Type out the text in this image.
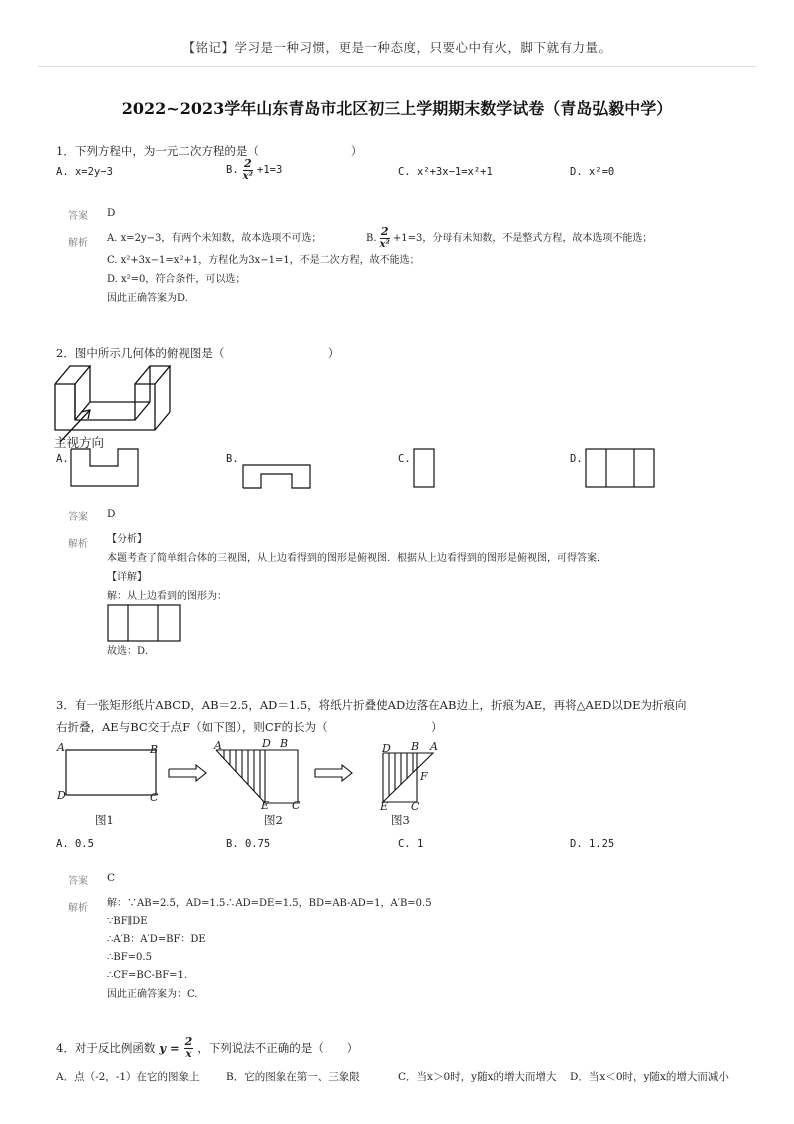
【铭记】学习是一种习惯，更是一种态度，只要心中有火，脚下就有力量。
2022~2023学年山东青岛市北区初三上学期期末数学试卷（青岛弘毅中学）
1．下列方程中，为一元二次方程的是（　　　　　　　　）
A. x=2y−3	B. $\frac{2}{\text{x²}} +1=3$	C. x²+3x−1=x²+1	D. x²=0
答案 D
解析 A. x=2y−3，有两个未知数，故本选项不可选；	B. $\frac{2}{\text{x²}} +1=3$，分母有未知数，不是整式方程，故本选项不能选；
C. x²+3x−1=x²+1，方程化为3x−1=1，不是二次方程，故不能选；
D. x²=0，符合条件，可以选；
因此正确答案为D.
2．图中所示几何体的俯视图是（　　　　　　　　　）
主视方向
A.	B.	C.	D.
答案 D
解析 【分析】
本题考查了简单组合体的三视图，从上边看得到的图形是俯视图．根据从上边看得到的图形是俯视图，可得答案．
【详解】
解：从上边看到的图形为：
故选：D．
3．有一张矩形纸片ABCD，AB＝2.5，AD＝1.5，将纸片折叠使AD边落在AB边上，折痕为AE，再将△AED以DE为折痕向
右折叠，AE与BC交于点F（如下图），则CF的长为（　　　　　　　　　）
A	B
D	C
图1
A	D B
E C
图2
D B A
F
E C
图3
A. 0.5	B. 0.75	C. 1	D. 1.25
答案 C
解析 解：∵AB=2.5，AD=1.5∴AD=DE=1.5，BD=AB-AD=1，A′B=0.5
∵BF∥DE
∴A′B：A′D=BF：DE
∴BF=0.5
∴CF=BC-BF=1.
因此正确答案为：C.
4．对于反比例函数 $y = \frac{2}{x}$ ，下列说法不正确的是（　　）
A．点（-2，-1）在它的图象上	B．它的图象在第一、三象限	C．当x＞0时，y随x的增大而增大 D．当x＜0时，y随x的增大而减小
